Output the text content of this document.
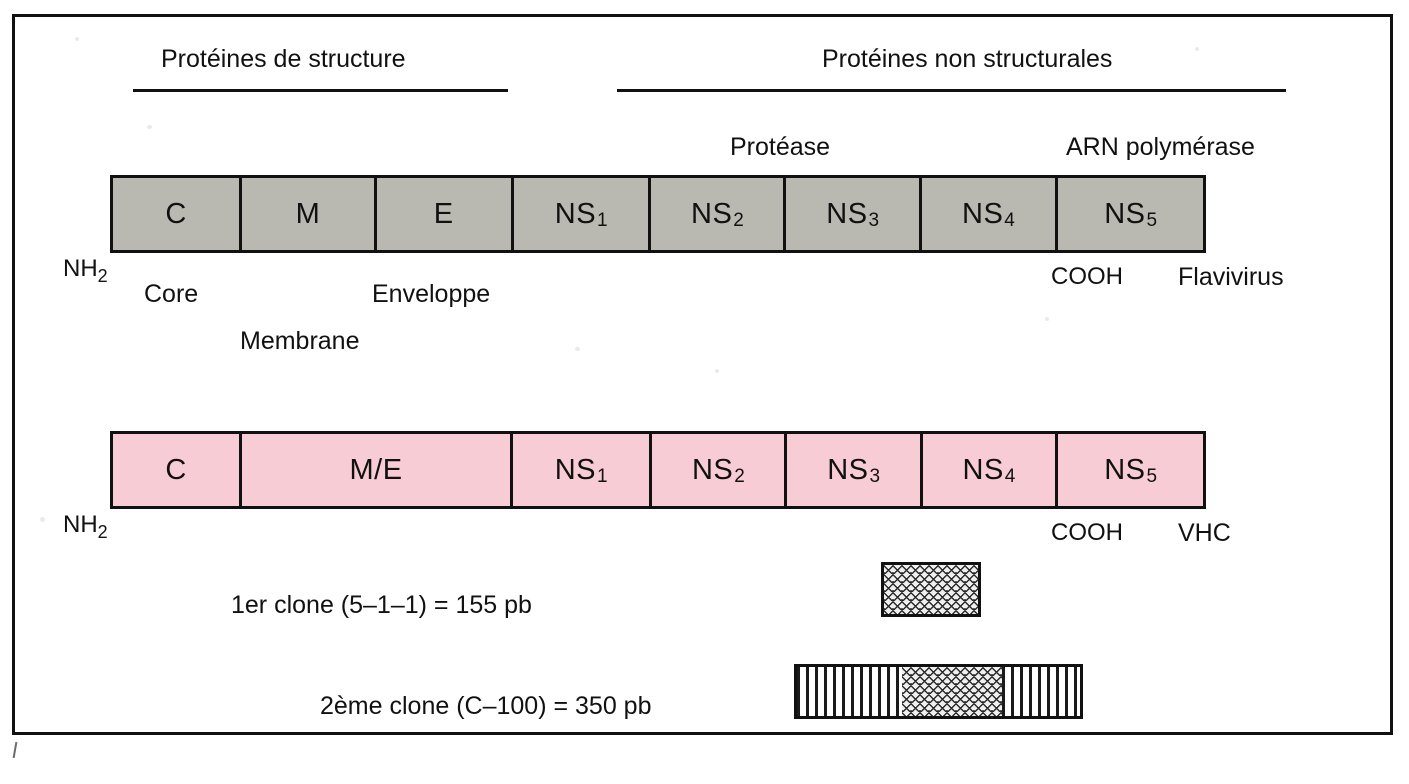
Protéines de structure	Protéines non structurales
Protéase	ARN polymérase
C	M	E	NS 1	NS 2	NS 3	NS 4	NS 5
$NH_2$	COOH Flavivirus
Core
Membrane
Enveloppe
C	M/E	NS 1	NS 2	NS 3	NS 4	NS 5
$NH_2$	COOH VHC
1er clone (5–1–1) = 155 pb
2ème clone (C–100) = 350 pb
